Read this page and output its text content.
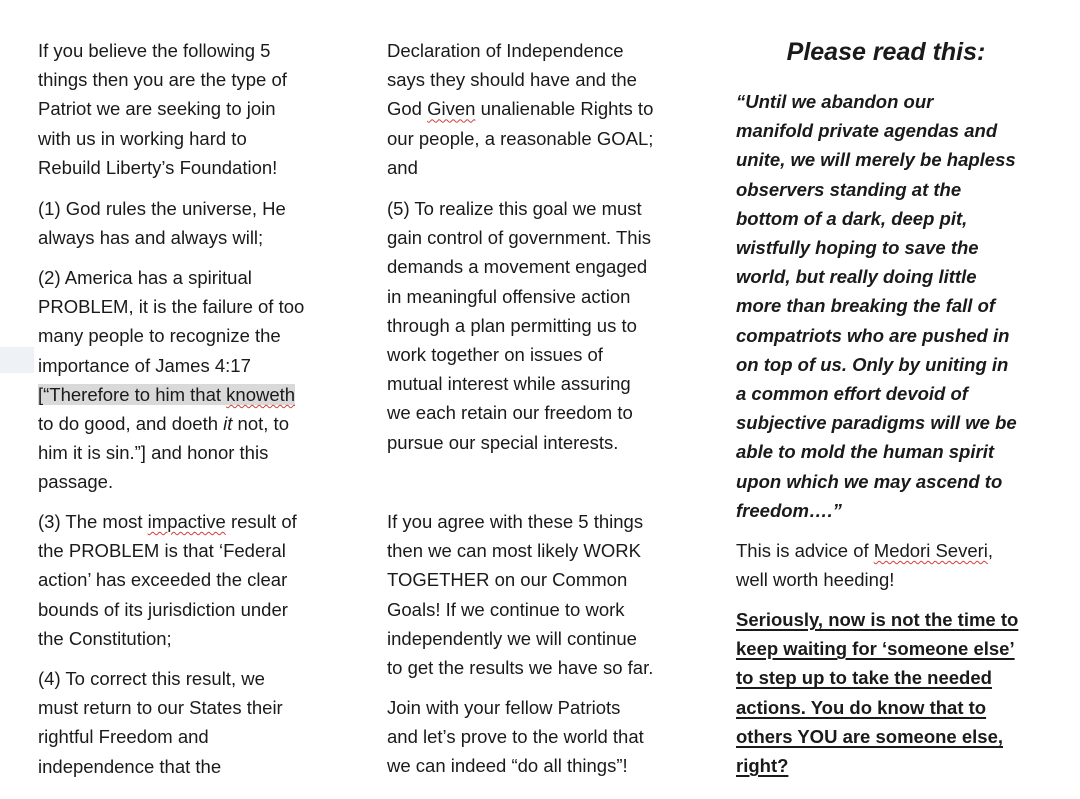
If you believe the following 5
things then you are the type of
Patriot we are seeking to join
with us in working hard to
Rebuild Liberty’s Foundation!

(1) God rules the universe, He
always has and always will;

(2) America has a spiritual
PROBLEM, it is the failure of too
many people to recognize the
importance of James 4:17
[“Therefore to him that knoweth
to do good, and doeth it not, to
him it is sin.”] and honor this
passage.

(3) The most impactive result of
the PROBLEM is that ‘Federal
action’ has exceeded the clear
bounds of its jurisdiction under
the Constitution;

(4) To correct this result, we
must return to our States their
rightful Freedom and
independence that the

Declaration of Independence
says they should have and the
God Given unalienable Rights to
our people, a reasonable GOAL;
and

(5) To realize this goal we must
gain control of government. This
demands a movement engaged
in meaningful offensive action
through a plan permitting us to
work together on issues of
mutual interest while assuring
we each retain our freedom to
pursue our special interests.

If you agree with these 5 things
then we can most likely WORK
TOGETHER on our Common
Goals! If we continue to work
independently we will continue
to get the results we have so far.

Join with your fellow Patriots
and let’s prove to the world that
we can indeed “do all things”!

Please read this:

“Until we abandon our
manifold private agendas and
unite, we will merely be hapless
observers standing at the
bottom of a dark, deep pit,
wistfully hoping to save the
world, but really doing little
more than breaking the fall of
compatriots who are pushed in
on top of us. Only by uniting in
a common effort devoid of
subjective paradigms will we be
able to mold the human spirit
upon which we may ascend to
freedom….”

This is advice of Medori Severi,
well worth heeding!

Seriously, now is not the time to
keep waiting for ‘someone else’
to step up to take the needed
actions. You do know that to
others YOU are someone else,
right?
